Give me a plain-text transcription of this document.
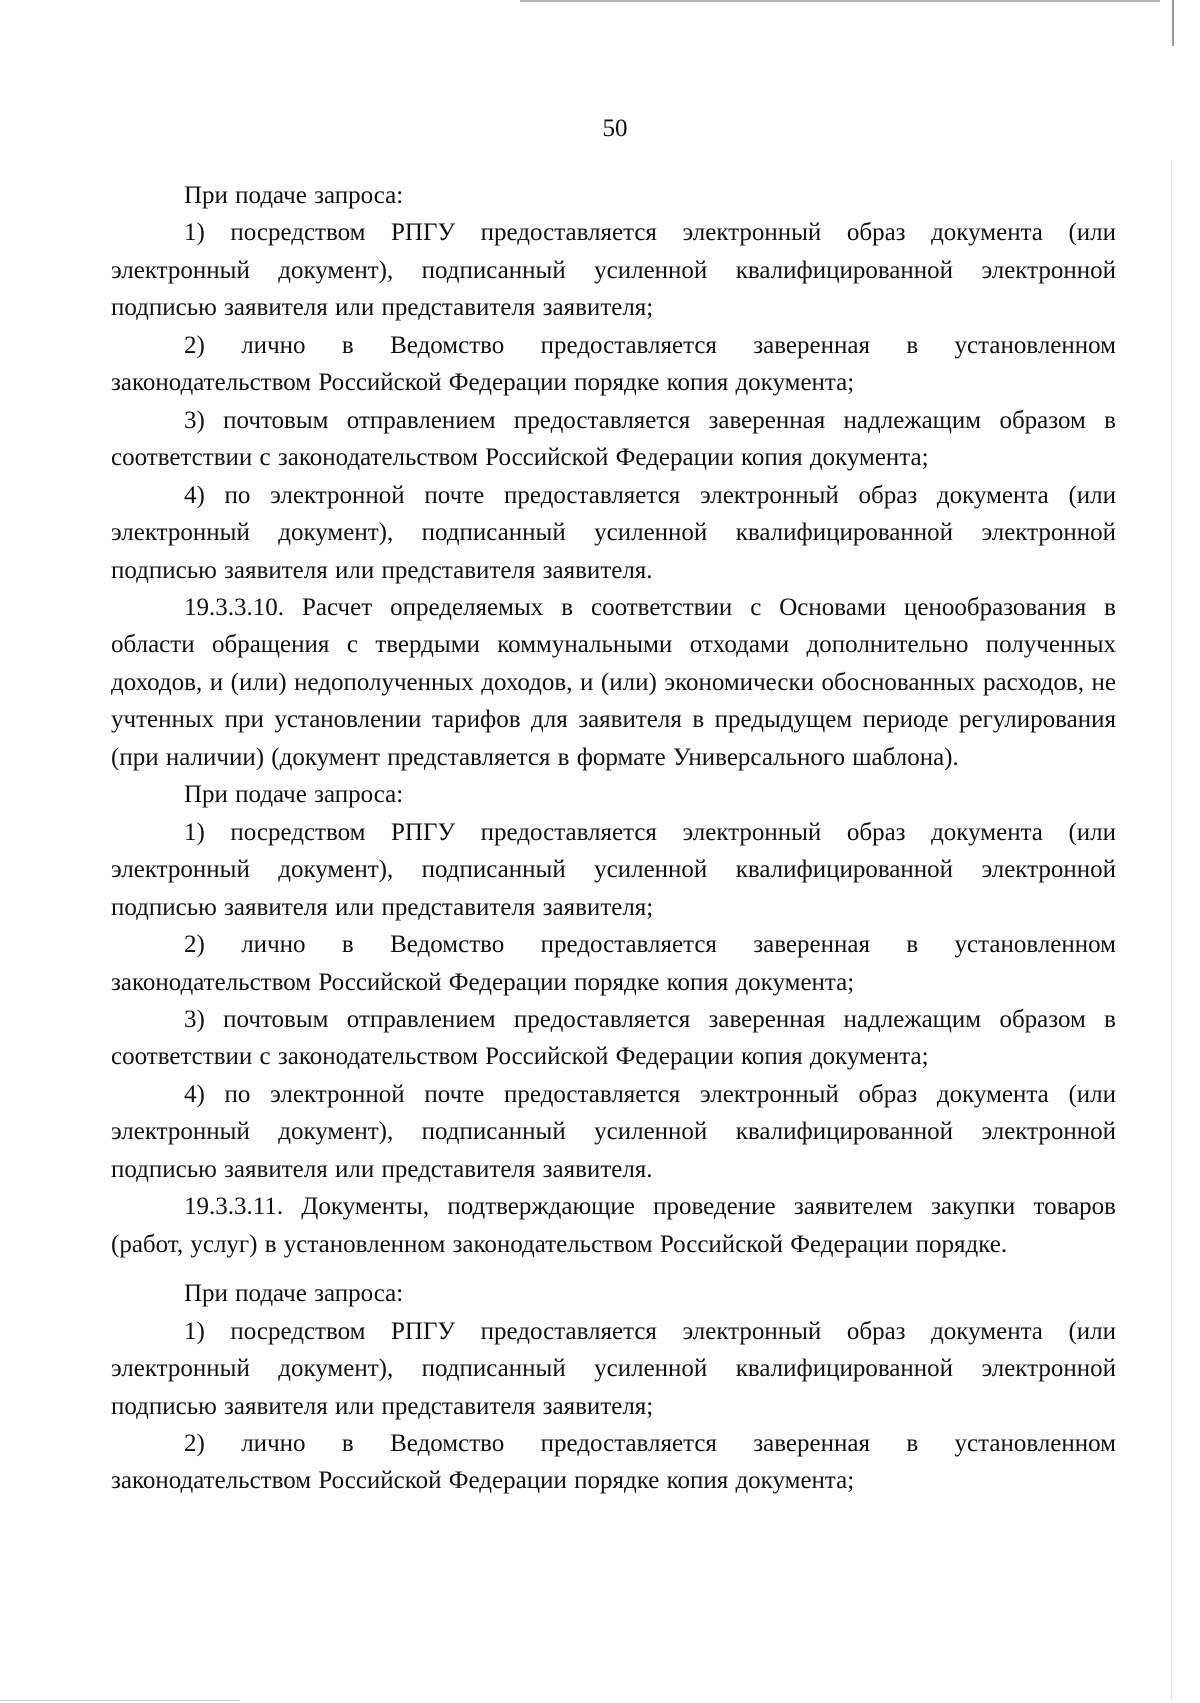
50

При подаче запроса:

1) посредством РПГУ предоставляется электронный образ документа (или электронный документ), подписанный усиленной квалифицированной электронной подписью заявителя или представителя заявителя;

2) лично в Ведомство предоставляется заверенная в установленном законодательством Российской Федерации порядке копия документа;

3) почтовым отправлением предоставляется заверенная надлежащим образом в соответствии с законодательством Российской Федерации копия документа;

4) по электронной почте предоставляется электронный образ документа (или электронный документ), подписанный усиленной квалифицированной электронной подписью заявителя или представителя заявителя.

19.3.3.10. Расчет определяемых в соответствии с Основами ценообразования в области обращения с твердыми коммунальными отходами дополнительно полученных доходов, и (или) недополученных доходов, и (или) экономически обоснованных расходов, не учтенных при установлении тарифов для заявителя в предыдущем периоде регулирования (при наличии) (документ представляется в формате Универсального шаблона).

При подаче запроса:

1) посредством РПГУ предоставляется электронный образ документа (или электронный документ), подписанный усиленной квалифицированной электронной подписью заявителя или представителя заявителя;

2) лично в Ведомство предоставляется заверенная в установленном законодательством Российской Федерации порядке копия документа;

3) почтовым отправлением предоставляется заверенная надлежащим образом в соответствии с законодательством Российской Федерации копия документа;

4) по электронной почте предоставляется электронный образ документа (или электронный документ), подписанный усиленной квалифицированной электронной подписью заявителя или представителя заявителя.

19.3.3.11. Документы, подтверждающие проведение заявителем закупки товаров (работ, услуг) в установленном законодательством Российской Федерации порядке.

При подаче запроса:

1) посредством РПГУ предоставляется электронный образ документа (или электронный документ), подписанный усиленной квалифицированной электронной подписью заявителя или представителя заявителя;

2) лично в Ведомство предоставляется заверенная в установленном законодательством Российской Федерации порядке копия документа;
